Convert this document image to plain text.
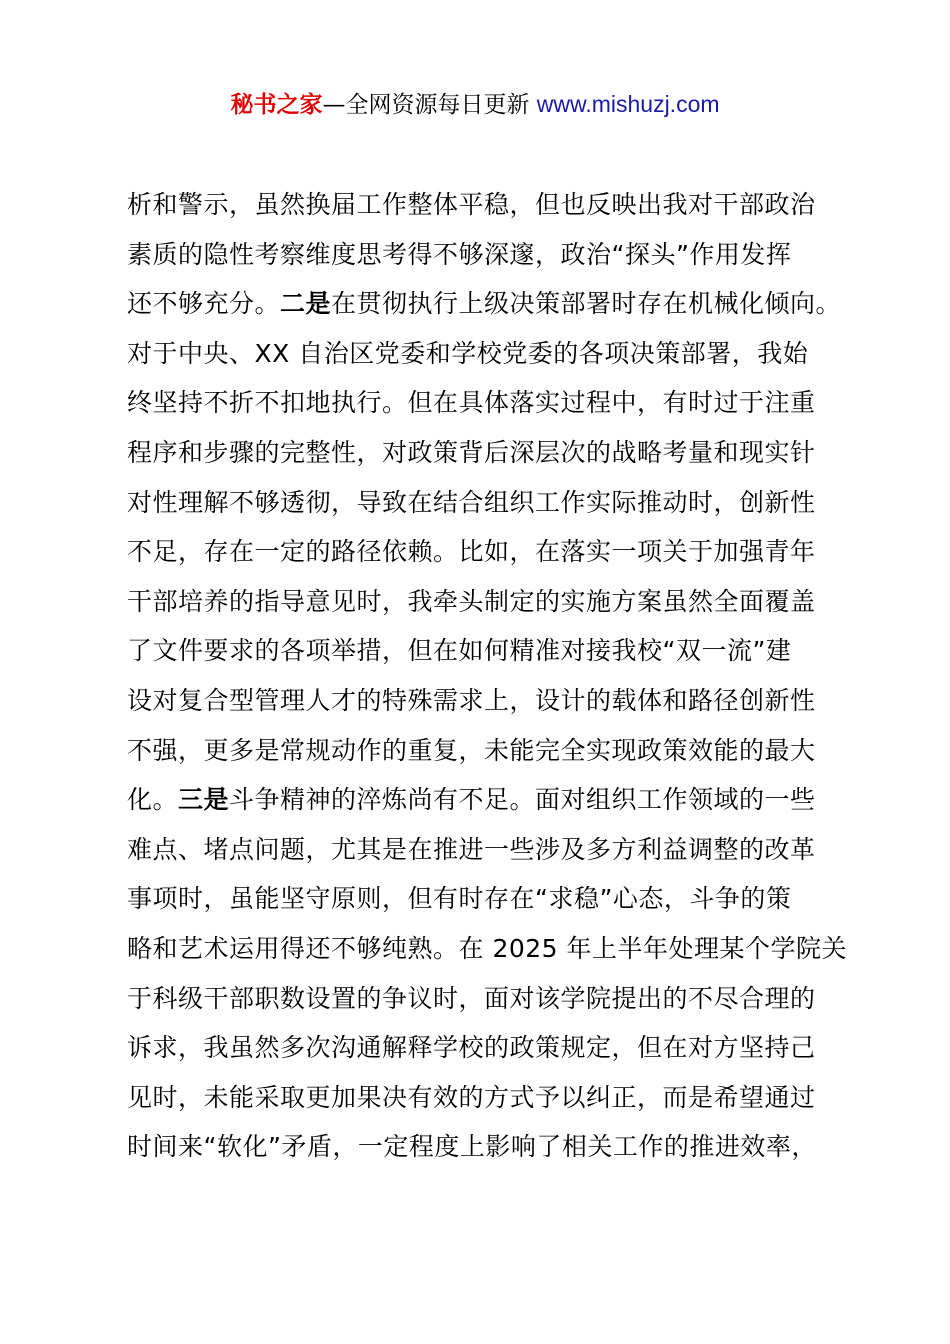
秘书之家—全网资源每日更新 www.mishuzj.com
析和警示，虽然换届工作整体平稳，但也反映出我对干部政治
素质的隐性考察维度思考得不够深邃，政治“探头”作用发挥
还不够充分。二是在贯彻执行上级决策部署时存在机械化倾向。
对于中央、XX 自治区党委和学校党委的各项决策部署，我始
终坚持不折不扣地执行。但在具体落实过程中，有时过于注重
程序和步骤的完整性，对政策背后深层次的战略考量和现实针
对性理解不够透彻，导致在结合组织工作实际推动时，创新性
不足，存在一定的路径依赖。比如，在落实一项关于加强青年
干部培养的指导意见时，我牵头制定的实施方案虽然全面覆盖
了文件要求的各项举措，但在如何精准对接我校“双一流”建
设对复合型管理人才的特殊需求上，设计的载体和路径创新性
不强，更多是常规动作的重复，未能完全实现政策效能的最大
化。三是斗争精神的淬炼尚有不足。面对组织工作领域的一些
难点、堵点问题，尤其是在推进一些涉及多方利益调整的改革
事项时，虽能坚守原则，但有时存在“求稳”心态，斗争的策
略和艺术运用得还不够纯熟。在 2025 年上半年处理某个学院关
于科级干部职数设置的争议时，面对该学院提出的不尽合理的
诉求，我虽然多次沟通解释学校的政策规定，但在对方坚持己
见时，未能采取更加果决有效的方式予以纠正，而是希望通过
时间来“软化”矛盾，一定程度上影响了相关工作的推进效率，
